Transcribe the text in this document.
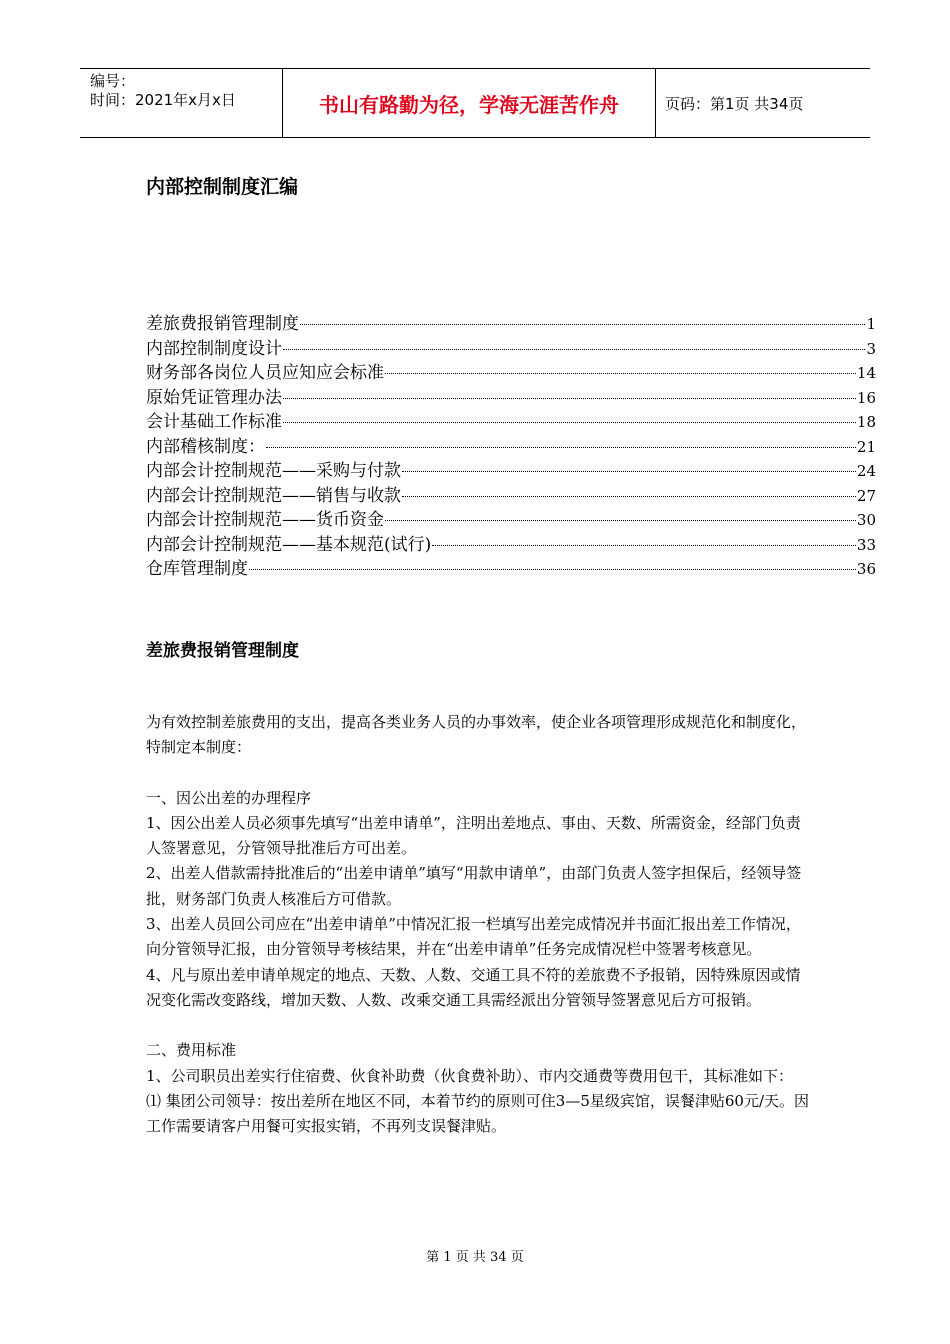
编号：
时间：2021年x月x日	书山有路勤为径，学海无涯苦作舟	页码：第1页 共34页
内部控制制度汇编
差旅费报销管理制度	1
内部控制制度设计	3
财务部各岗位人员应知应会标准	14
原始凭证管理办法	16
会计基础工作标准	18
内部稽核制度：	21
内部会计控制规范——采购与付款	24
内部会计控制规范——销售与收款	27
内部会计控制规范——货币资金	30
内部会计控制规范——基本规范(试行)	33
仓库管理制度	36
差旅费报销管理制度

为有效控制差旅费用的支出，提高各类业务人员的办事效率，使企业各项管理形成规范化和制度化，特制定本制度：

一、因公出差的办理程序

1、因公出差人员必须事先填写“出差申请单”，注明出差地点、事由、天数、所需资金，经部门负责人签署意见，分管领导批准后方可出差。

2、出差人借款需持批准后的“出差申请单”填写“用款申请单”，由部门负责人签字担保后，经领导签批，财务部门负责人核准后方可借款。

3、出差人员回公司应在“出差申请单”中情况汇报一栏填写出差完成情况并书面汇报出差工作情况，向分管领导汇报，由分管领导考核结果，并在“出差申请单”任务完成情况栏中签署考核意见。

4、凡与原出差申请单规定的地点、天数、人数、交通工具不符的差旅费不予报销，因特殊原因或情况变化需改变路线，增加天数、人数、改乘交通工具需经派出分管领导签署意见后方可报销。

二、费用标准

1、公司职员出差实行住宿费、伙食补助费（伙食费补助）、市内交通费等费用包干，其标准如下：

⑴ 集团公司领导：按出差所在地区不同，本着节约的原则可住3—5星级宾馆，误餐津贴60元/天。因工作需要请客户用餐可实报实销，不再列支误餐津贴。

第 1 页 共 34 页
